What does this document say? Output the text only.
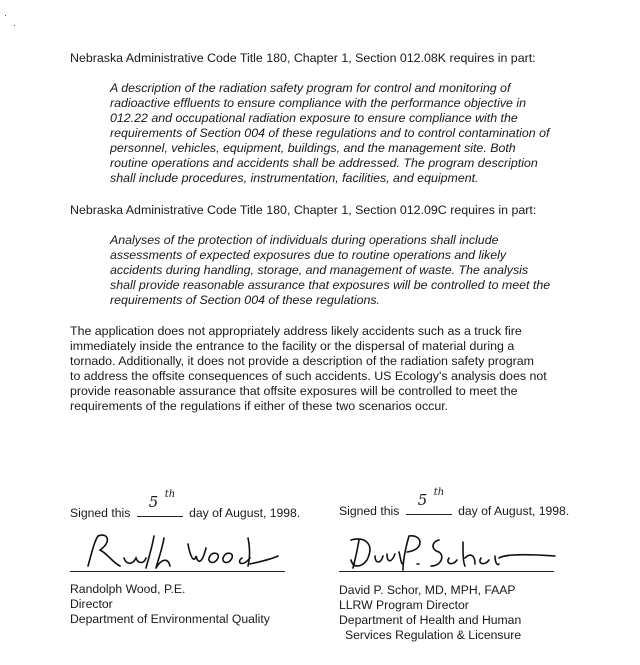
Nebraska Administrative Code Title 180, Chapter 1, Section 012.08K requires in part:
A description of the radiation safety program for control and monitoring of
radioactive effluents to ensure compliance with the performance objective in
012.22 and occupational radiation exposure to ensure compliance with the
requirements of Section 004 of these regulations and to control contamination of
personnel, vehicles, equipment, buildings, and the management site. Both
routine operations and accidents shall be addressed. The program description
shall include procedures, instrumentation, facilities, and equipment.
Nebraska Administrative Code Title 180, Chapter 1, Section 012.09C requires in part:
Analyses of the protection of individuals during operations shall include
assessments of expected exposures due to routine operations and likely
accidents during handling, storage, and management of waste. The analysis
shall provide reasonable assurance that exposures will be controlled to meet the
requirements of Section 004 of these regulations.
The application does not appropriately address likely accidents such as a truck fire
immediately inside the entrance to the facility or the dispersal of material during a
tornado. Additionally, it does not provide a description of the radiation safety program
to address the offsite consequences of such accidents. US Ecology's analysis does not
provide reasonable assurance that offsite exposures will be controlled to meet the
requirements of the regulations if either of these two scenarios occur.
Signed this
5 th
day of August, 1998.
Randolph Wood, P.E.
Director
Department of Environmental Quality
Signed this
5 th
day of August, 1998.
David P. Schor, MD, MPH, FAAP
LLRW Program Director
Department of Health and Human
Services Regulation & Licensure
